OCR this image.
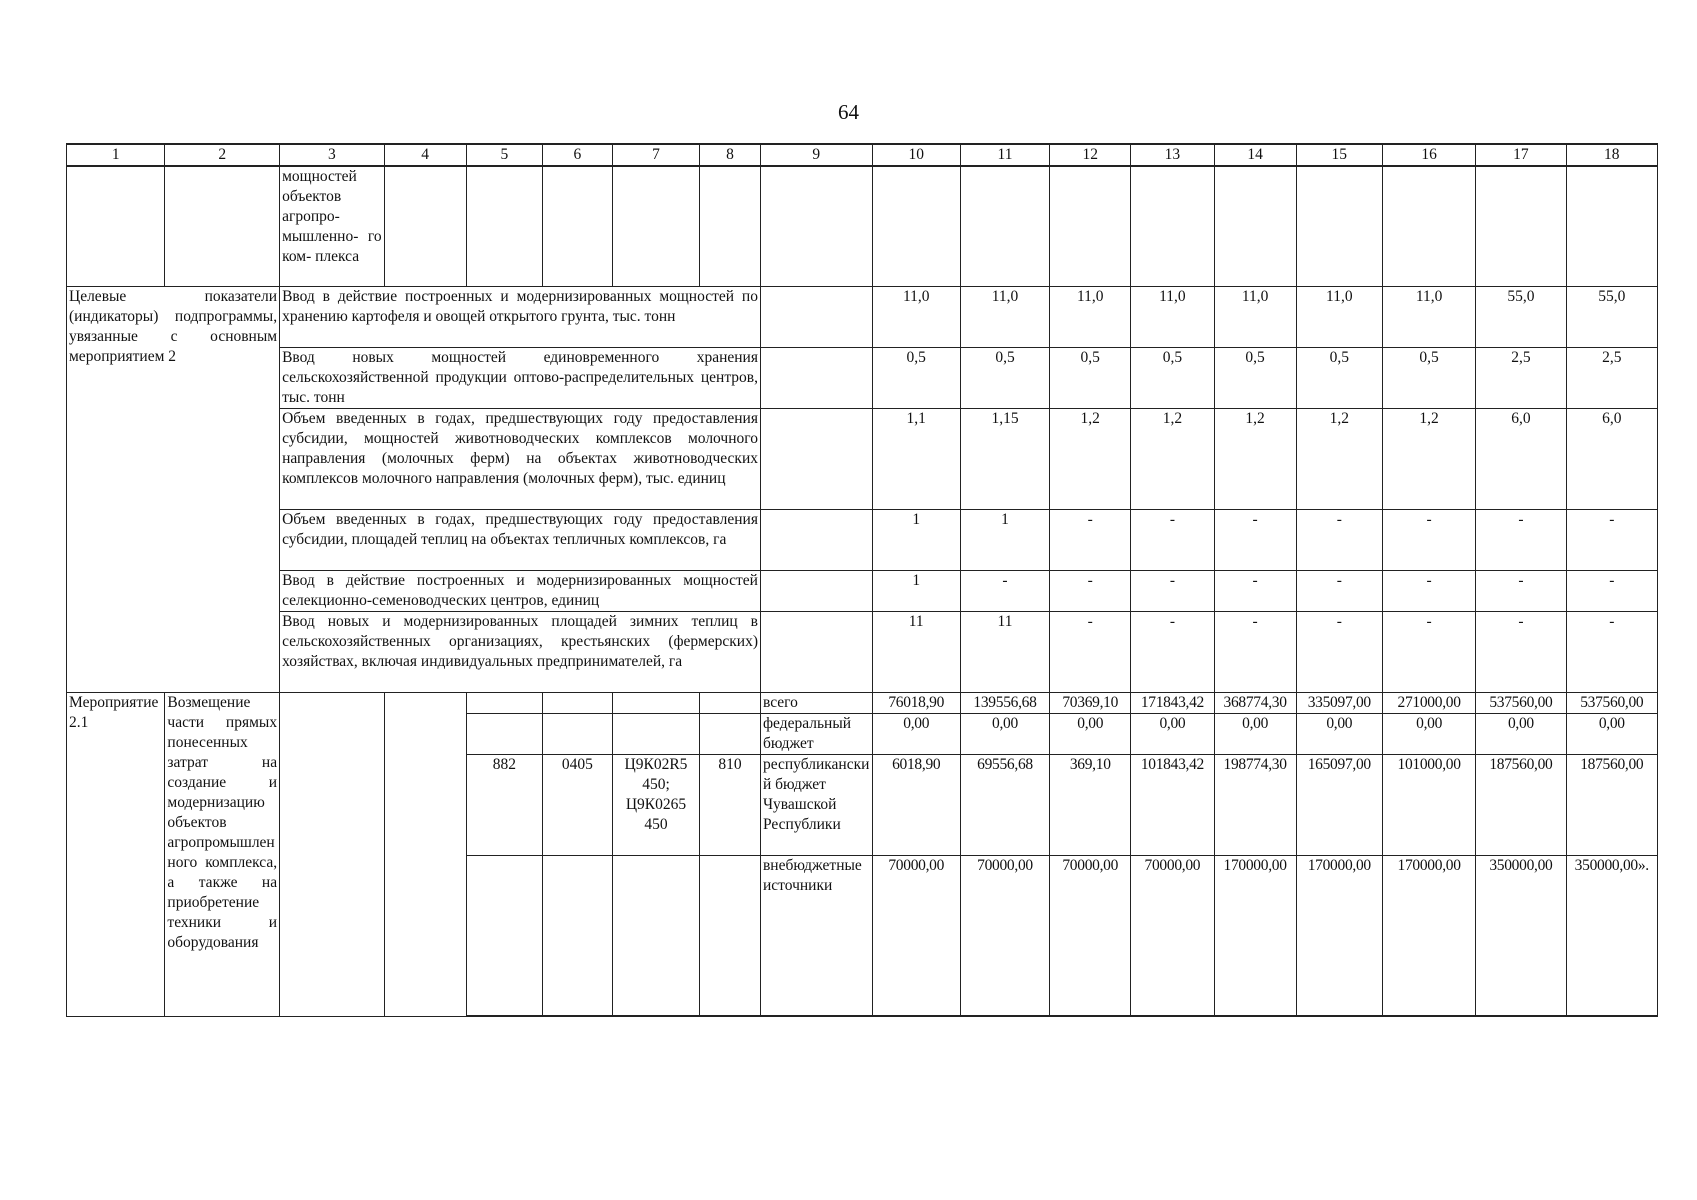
64
1	2	3	4	5	6	7	8	9	10	11	12	13	14	15	16	17	18
		мощностей объектов агропро- мышленно- го ком- плекса															
Целевые показатели (индикаторы) подпрограммы, увязанные с основным мероприятием 2		Ввод в действие построенных и модернизированных мощностей по хранению картофеля и овощей открытого грунта, тыс. тонн							11,0	11,0	11,0	11,0	11,0	11,0	11,0	55,0	55,0
		Ввод новых мощностей единовременного хранения сельскохозяйственной продукции оптово-распределительных центров, тыс. тонн							0,5	0,5	0,5	0,5	0,5	0,5	0,5	2,5	2,5
		Объем введенных в годах, предшествующих году предоставления субсидии, мощностей животноводческих комплексов молочного направления (молочных ферм) на объектах животноводческих комплексов молочного направления (молочных ферм), тыс. единиц							1,1	1,15	1,2	1,2	1,2	1,2	1,2	6,0	6,0
		Объем введенных в годах, предшествующих году предоставления субсидии, площадей теплиц на объектах тепличных комплексов, га							1	1	-	-	-	-	-	-	-
		Ввод в действие построенных и модернизированных мощностей селекционно-семеноводческих центров, единиц							1	-	-	-	-	-	-	-	-
		Ввод новых и модернизированных площадей зимних теплиц в сельскохозяйственных организациях, крестьянских (фермерских) хозяйствах, включая индивидуальных предпринимателей, га							11	11	-	-	-	-	-	-	-
Мероприятие 2.1	Возмещение части прямых понесенных затрат на создание и модернизацию объектов агропромышленного комплекса, а также на приобретение техники и оборудования							всего	76018,90	139556,68	70369,10	171843,42	368774,30	335097,00	271000,00	537560,00	537560,00
								федеральный бюджет	0,00	0,00	0,00	0,00	0,00	0,00	0,00	0,00	0,00
				882	0405	Ц9К02R5 450; Ц9К0265 450	810	республиканский бюджет Чувашской Республики	6018,90	69556,68	369,10	101843,42	198774,30	165097,00	101000,00	187560,00	187560,00
								внебюджетные источники	70000,00	70000,00	70000,00	70000,00	170000,00	170000,00	170000,00	350000,00	350000,00».
